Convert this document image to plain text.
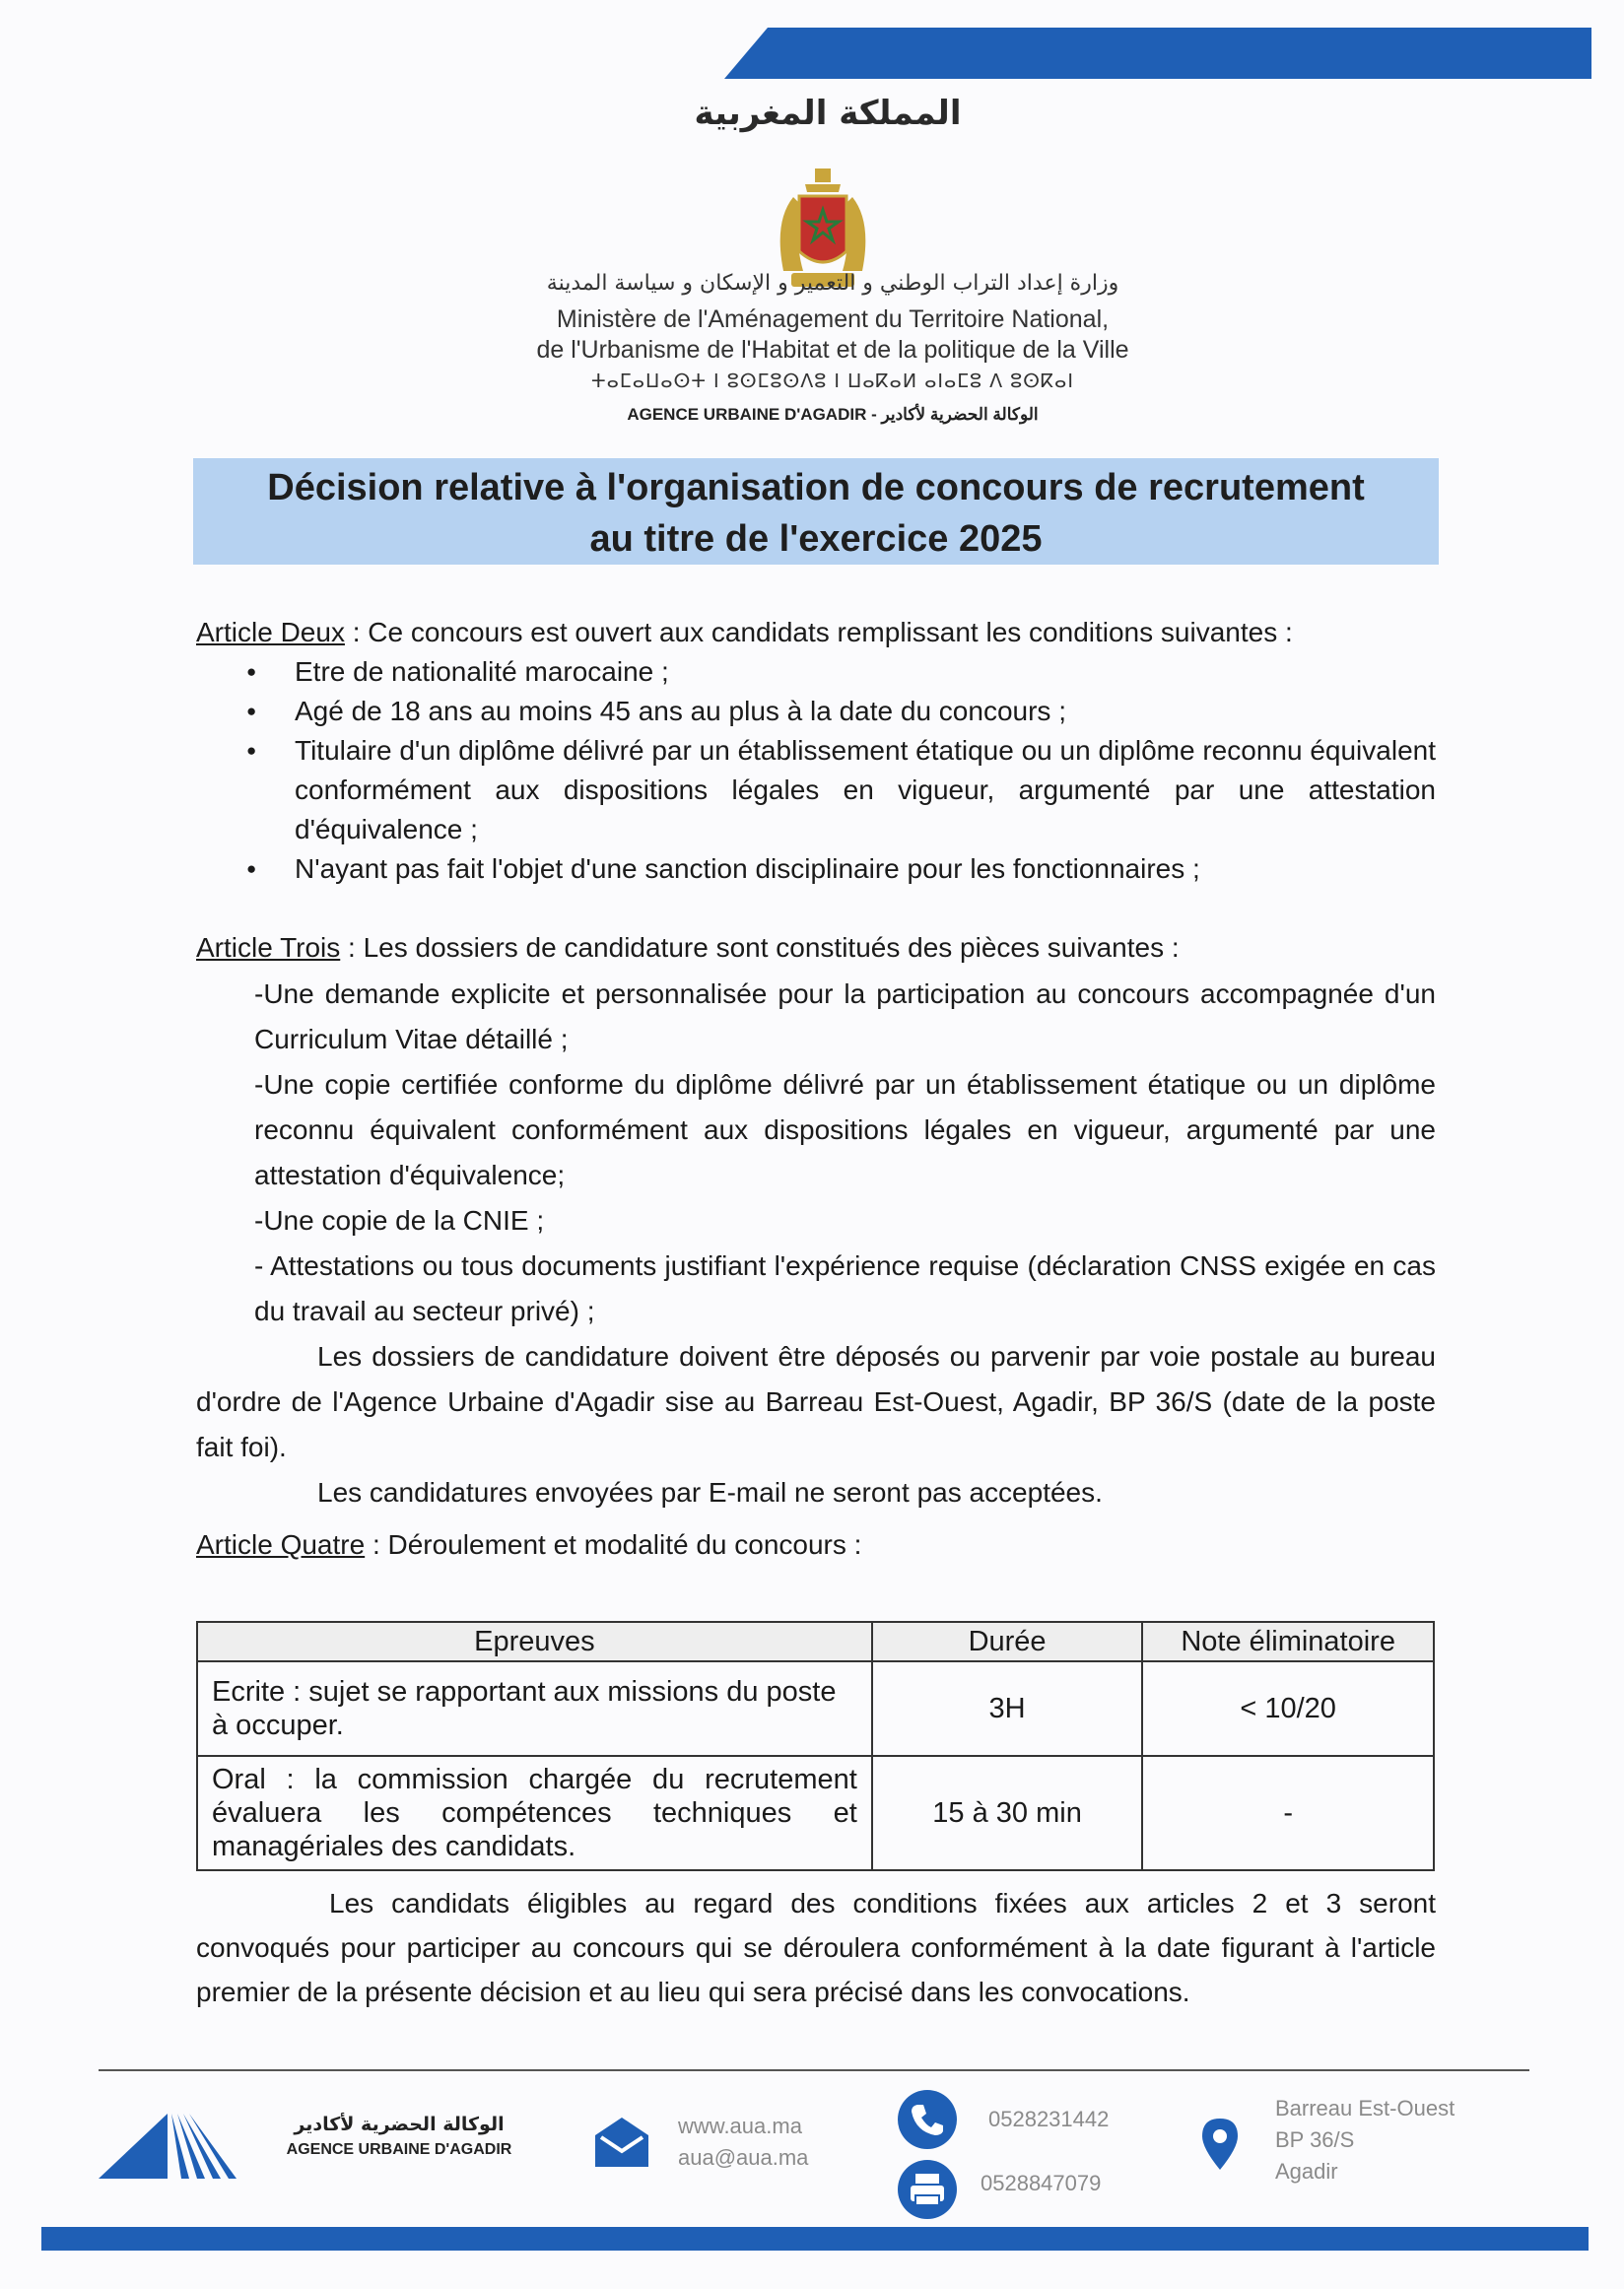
المملكة المغربية
وزارة إعداد التراب الوطني و التعمير و الإسكان و سياسة المدينة
Ministère de l'Aménagement du Territoire National,
de l'Urbanisme de l'Habitat et de la politique de la Ville
ⵜⴰⵎⴰⵡⴰⵙⵜ ⵏ ⵓⵙⵎⵓⵙⴷⵓ ⵏ ⵡⴰⴽⴰⵍ ⴰⵏⴰⵎⵓ ⴷ ⵓⵙⴽⴰⵏ
AGENCE URBAINE D'AGADIR - الوكالة الحضرية لأكادير
Décision relative à l'organisation de concours de recrutement
au titre de l'exercice 2025

Article Deux : Ce concours est ouvert aux candidats remplissant les conditions suivantes :

● Etre de nationalité marocaine ;
● Agé de 18 ans au moins 45 ans au plus à la date du concours ;
● Titulaire d'un diplôme délivré par un établissement étatique ou un diplôme reconnu équivalent conformément aux dispositions légales en vigueur, argumenté par une attestation d'équivalence ;
● N'ayant pas fait l'objet d'une sanction disciplinaire pour les fonctionnaires ;

Article Trois : Les dossiers de candidature sont constitués des pièces suivantes :

-Une demande explicite et personnalisée pour la participation au concours accompagnée d'un Curriculum Vitae détaillé ;

-Une copie certifiée conforme du diplôme délivré par un établissement étatique ou un diplôme reconnu équivalent conformément aux dispositions légales en vigueur, argumenté par une attestation d'équivalence;

-Une copie de la CNIE ;

- Attestations ou tous documents justifiant l'expérience requise (déclaration CNSS exigée en cas du travail au secteur privé) ;

Les dossiers de candidature doivent être déposés ou parvenir par voie postale au bureau d'ordre de l'Agence Urbaine d'Agadir sise au Barreau Est-Ouest, Agadir, BP 36/S (date de la poste fait foi).

Les candidatures envoyées par E-mail ne seront pas acceptées.

Article Quatre : Déroulement et modalité du concours :

Epreuves	Durée	Note éliminatoire
Ecrite : sujet se rapportant aux missions du poste à occuper.	3H	< 10/20
Oral : la commission chargée du recrutement évaluera les compétences techniques et managériales des candidats.	15 à 30 min	-

Les candidats éligibles au regard des conditions fixées aux articles 2 et 3 seront convoqués pour participer au concours qui se déroulera conformément à la date figurant à l'article premier de la présente décision et au lieu qui sera précisé dans les convocations.

الوكالة الحضرية لأكادير
AGENCE URBAINE D'AGADIR
www.aua.ma
aua@aua.ma
0528231442
0528847079
Barreau Est-Ouest
BP 36/S
Agadir
